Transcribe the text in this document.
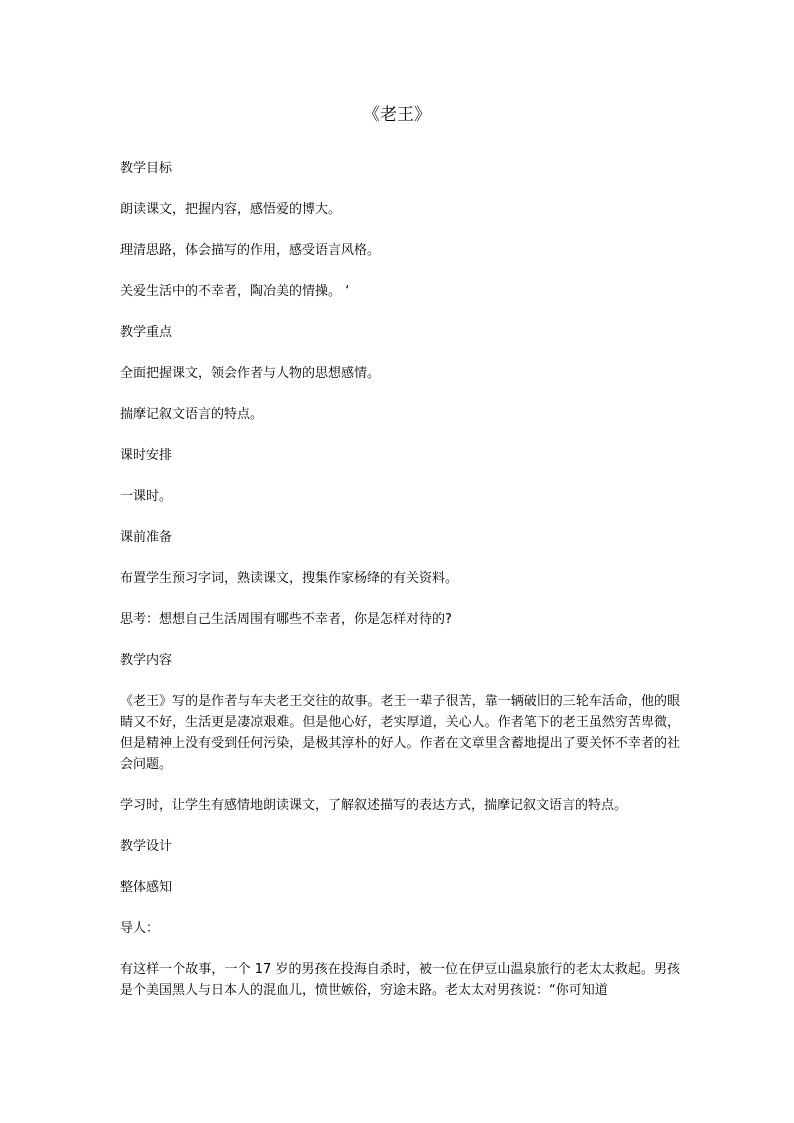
《老王》

教学目标

朗读课文，把握内容，感悟爱的博大。

理清思路，体会描写的作用，感受语言风格。

关爱生活中的不幸者，陶冶美的情操。 ‘

教学重点

全面把握课文，领会作者与人物的思想感情。

揣摩记叙文语言的特点。

课时安排

一课时。

课前准备

布置学生预习字词，熟读课文，搜集作家杨绛的有关资料。

思考：想想自己生活周围有哪些不幸者，你是怎样对待的?

教学内容

《老王》写的是作者与车夫老王交往的故事。老王一辈子很苦，靠一辆破旧的三轮车活命，他的眼睛又不好，生活更是凄凉艰难。但是他心好，老实厚道，关心人。作者笔下的老王虽然穷苦卑微，但是精神上没有受到任何污染，是极其淳朴的好人。作者在文章里含蓄地提出了要关怀不幸者的社会问题。

学习时，让学生有感情地朗读课文，了解叙述描写的表达方式，揣摩记叙文语言的特点。

教学设计

整体感知

导人：

有这样一个故事，一个 17 岁的男孩在投海自杀时，被一位在伊豆山温泉旅行的老太太救起。男孩是个美国黑人与日本人的混血儿，愤世嫉俗，穷途末路。老太太对男孩说：“你可知道
